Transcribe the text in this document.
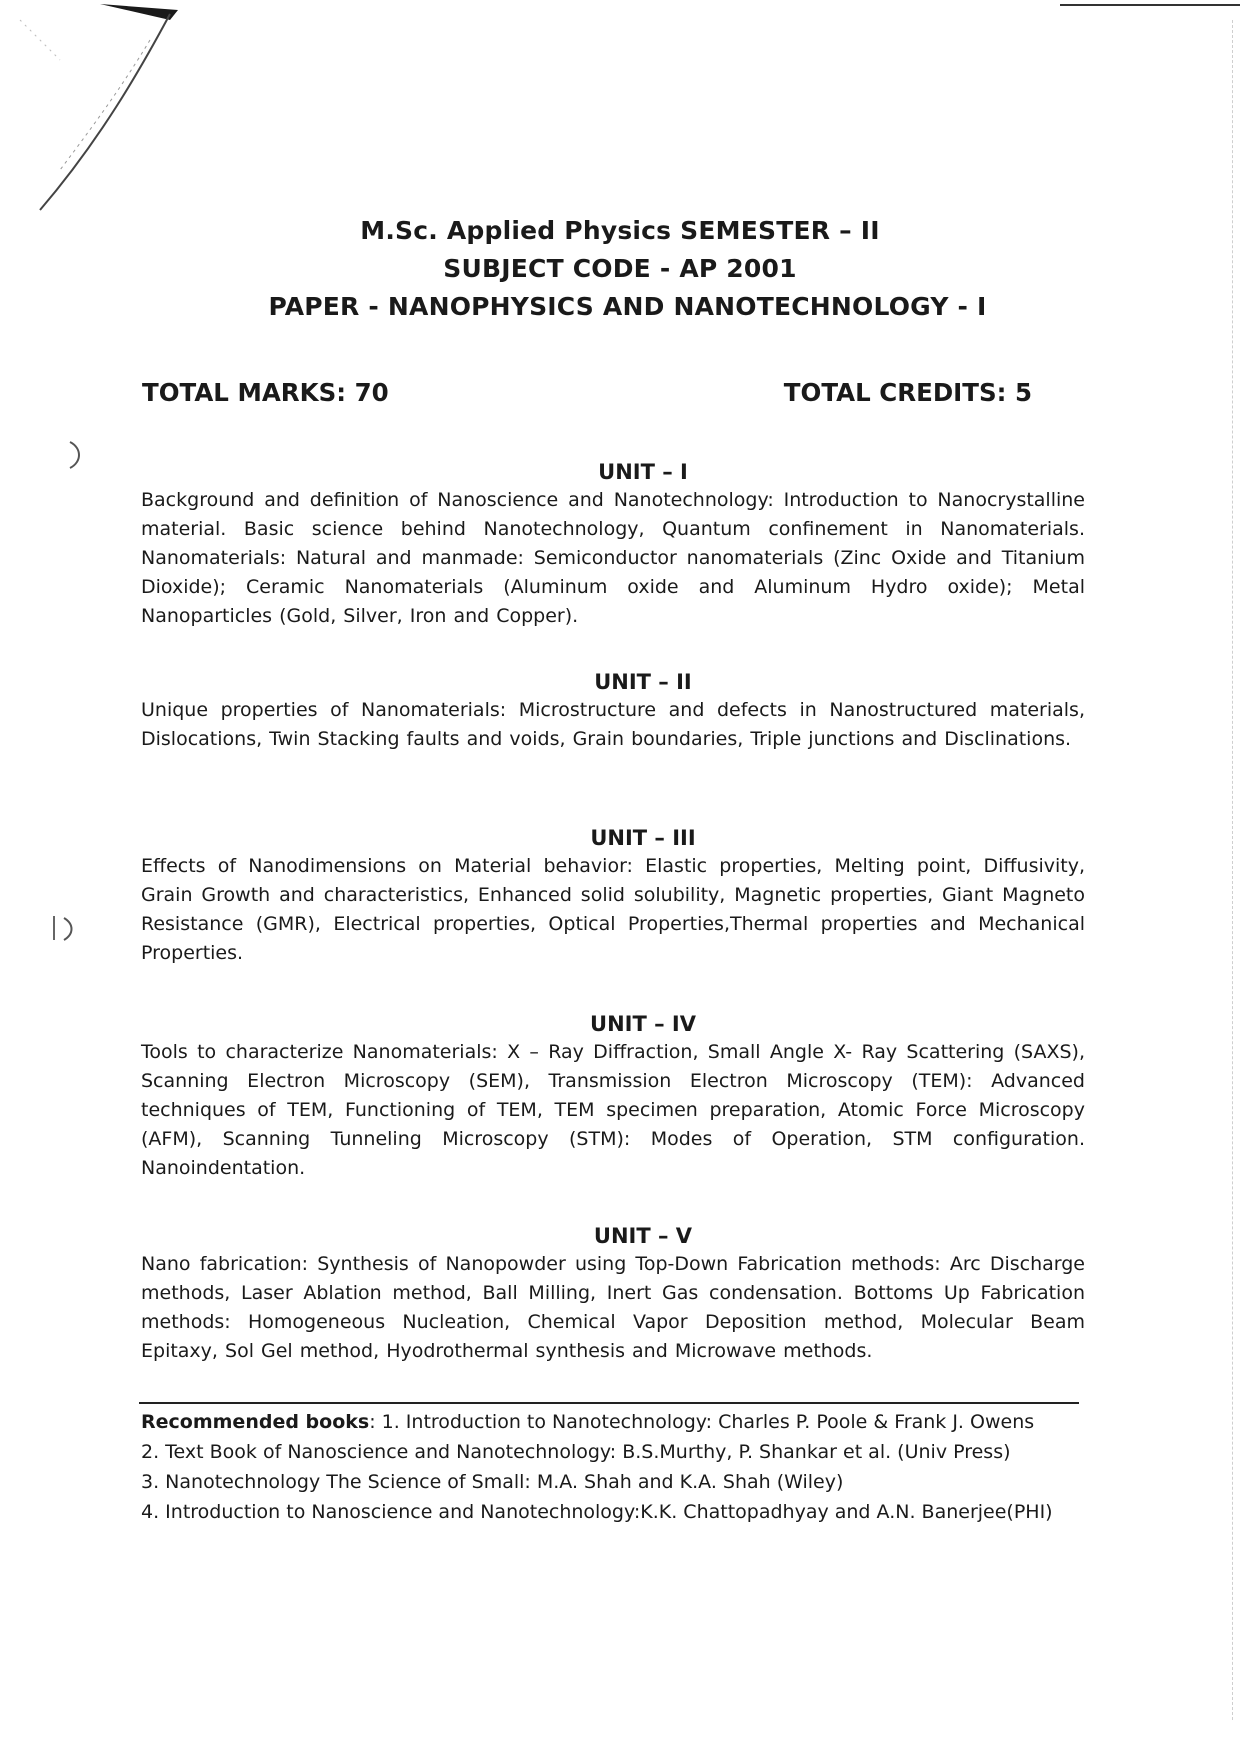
M.Sc. Applied Physics SEMESTER – II
SUBJECT CODE - AP 2001
PAPER - NANOPHYSICS AND NANOTECHNOLOGY - I
TOTAL MARKS: 70	TOTAL CREDITS: 5
UNIT – I
Background and definition of Nanoscience and Nanotechnology: Introduction to Nanocrystalline material. Basic science behind Nanotechnology, Quantum confinement in Nanomaterials. Nanomaterials: Natural and manmade: Semiconductor nanomaterials (Zinc Oxide and Titanium Dioxide); Ceramic Nanomaterials (Aluminum oxide and Aluminum Hydro oxide); Metal Nanoparticles (Gold, Silver, Iron and Copper).
UNIT – II
Unique properties of Nanomaterials: Microstructure and defects in Nanostructured materials, Dislocations, Twin Stacking faults and voids, Grain boundaries, Triple junctions and Disclinations.
UNIT – III
Effects of Nanodimensions on Material behavior: Elastic properties, Melting point, Diffusivity, Grain Growth and characteristics, Enhanced solid solubility, Magnetic properties, Giant Magneto Resistance (GMR), Electrical properties, Optical Properties,Thermal properties and Mechanical Properties.
UNIT – IV
Tools to characterize Nanomaterials: X – Ray Diffraction, Small Angle X- Ray Scattering (SAXS), Scanning Electron Microscopy (SEM), Transmission Electron Microscopy (TEM): Advanced techniques of TEM, Functioning of TEM, TEM specimen preparation, Atomic Force Microscopy (AFM), Scanning Tunneling Microscopy (STM): Modes of Operation, STM configuration. Nanoindentation.
UNIT – V
Nano fabrication: Synthesis of Nanopowder using Top-Down Fabrication methods: Arc Discharge methods, Laser Ablation method, Ball Milling, Inert Gas condensation. Bottoms Up Fabrication methods: Homogeneous Nucleation, Chemical Vapor Deposition method, Molecular Beam Epitaxy, Sol Gel method, Hyodrothermal synthesis and Microwave methods.
Recommended books: 1. Introduction to Nanotechnology: Charles P. Poole & Frank J. Owens
2. Text Book of Nanoscience and Nanotechnology: B.S.Murthy, P. Shankar et al. (Univ Press)
3. Nanotechnology The Science of Small: M.A. Shah and K.A. Shah (Wiley)
4. Introduction to Nanoscience and Nanotechnology:K.K. Chattopadhyay and A.N. Banerjee(PHI)
